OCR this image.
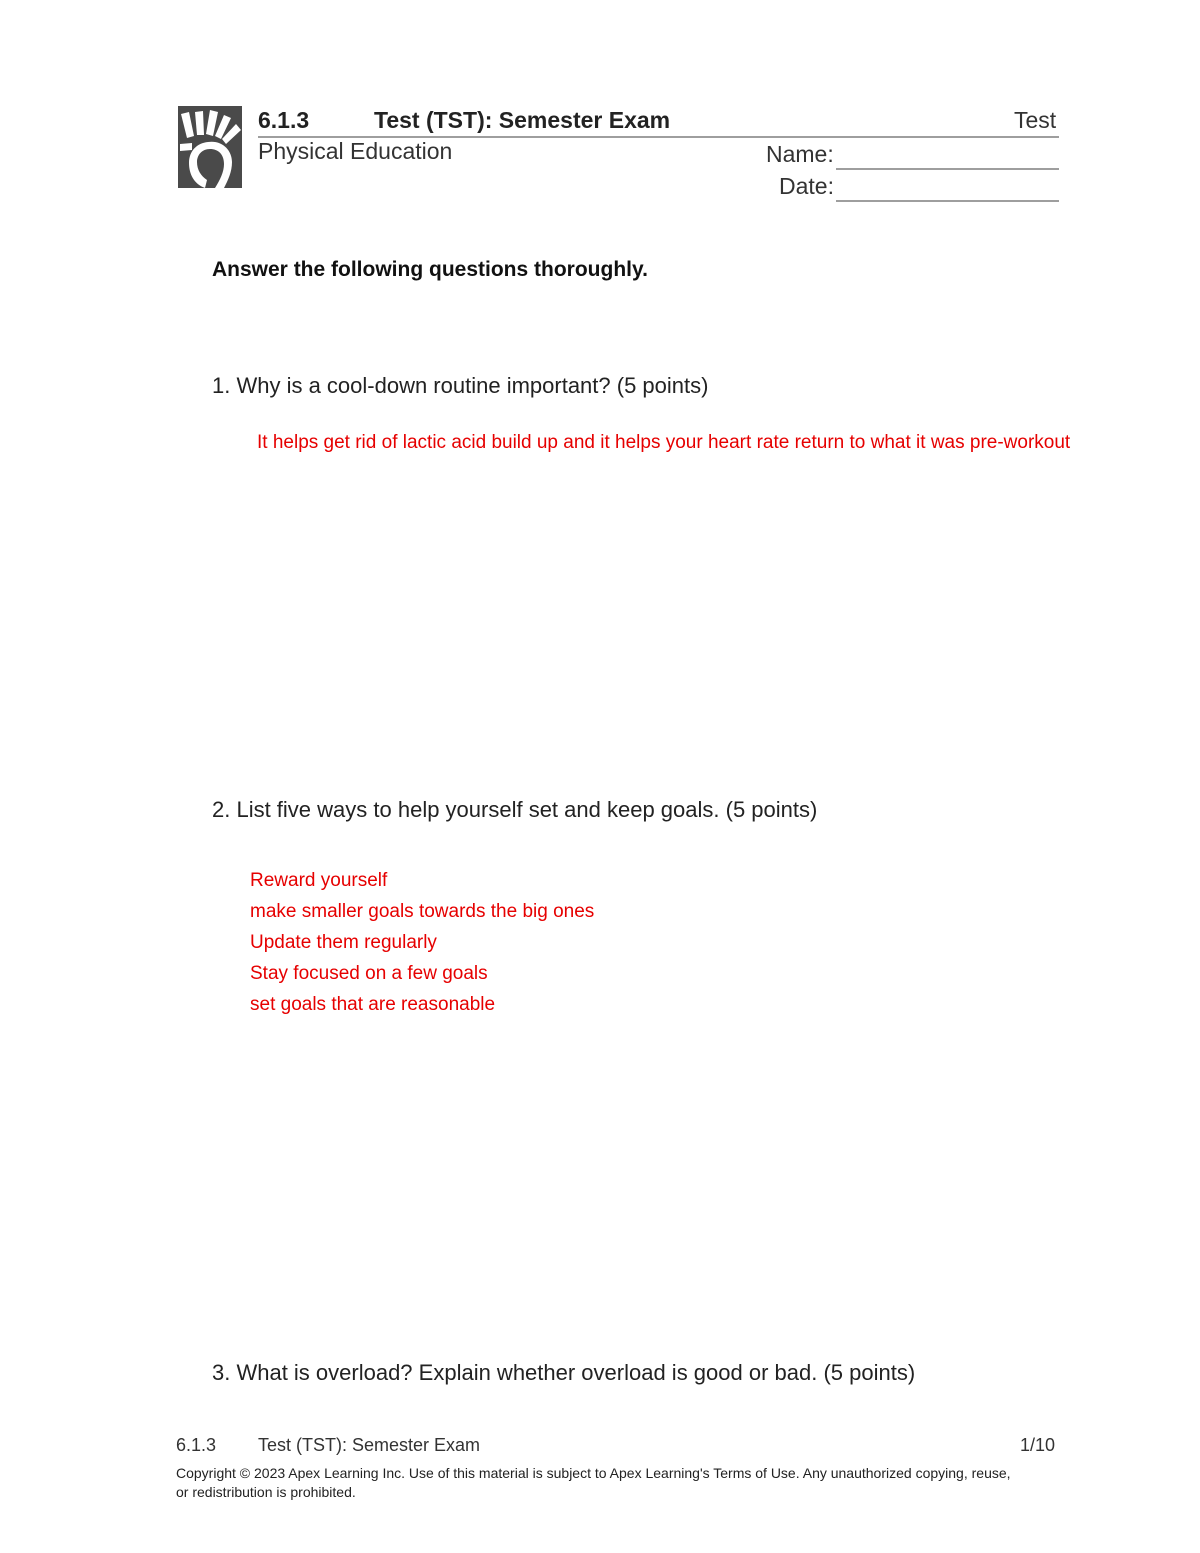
6.1.3	Test (TST): Semester Exam	Test
Physical Education	Name:
Date:
Answer the following questions thoroughly.
1. Why is a cool-down routine important? (5 points)
It helps get rid of lactic acid build up and it helps your heart rate return to what it was pre-workout
2. List five ways to help yourself set and keep goals. (5 points)
Reward yourself
make smaller goals towards the big ones
Update them regularly
Stay focused on a few goals
set goals that are reasonable
3. What is overload? Explain whether overload is good or bad. (5 points)
6.1.3 Test (TST): Semester Exam	1/10
Copyright © 2023 Apex Learning Inc. Use of this material is subject to Apex Learning's Terms of Use. Any unauthorized copying, reuse, or redistribution is prohibited.
